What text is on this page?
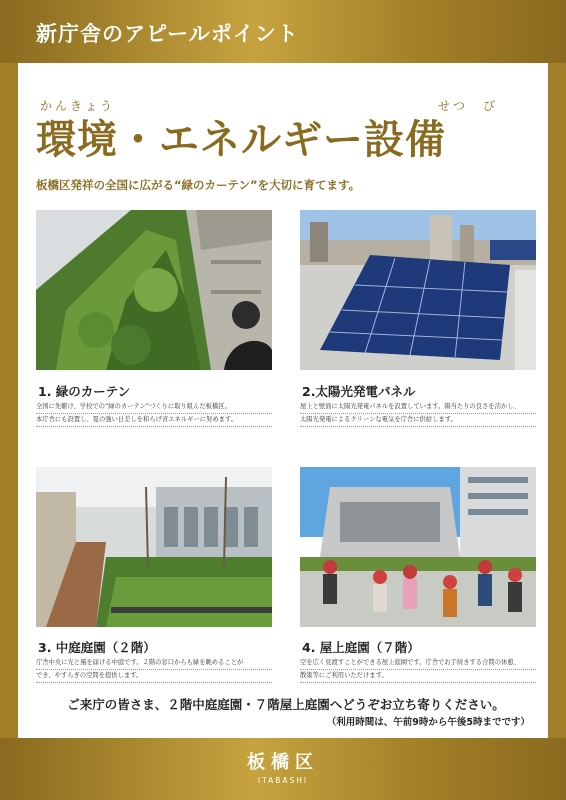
新庁舎のアピールポイント
かんきょう	せつ　び
環境・エネルギー設備
板橋区発祥の全国に広がる“緑のカーテン”を大切に育てます。
1. 緑のカーテン
全国に先駆け、学校での“緑のカーテン”づくりに取り組んだ板橋区。
本庁舎にも設置し、夏の強い日差しを和らげ省エネルギーに努めます。
2.太陽光発電パネル
屋上と壁面に太陽光発電パネルを設置しています。陽当たりの良さを活かし、
太陽光発電によるクリーンな電気を庁舎に供給します。
3. 中庭庭園（２階）
庁舎中央に光と風を届ける中庭です。２階の窓口からも緑を眺めることが
でき、やすらぎの空間を提供します。
4. 屋上庭園（７階）
空を広く見渡すことができる屋上庭園です。庁舎でお手続きする合間の休憩、
散策等にご利用いただけます。
ご来庁の皆さま、２階中庭庭園・７階屋上庭園へどうぞお立ち寄りください。
（利用時間は、午前9時から午後5時までです）
板橋区
ITABASHI
